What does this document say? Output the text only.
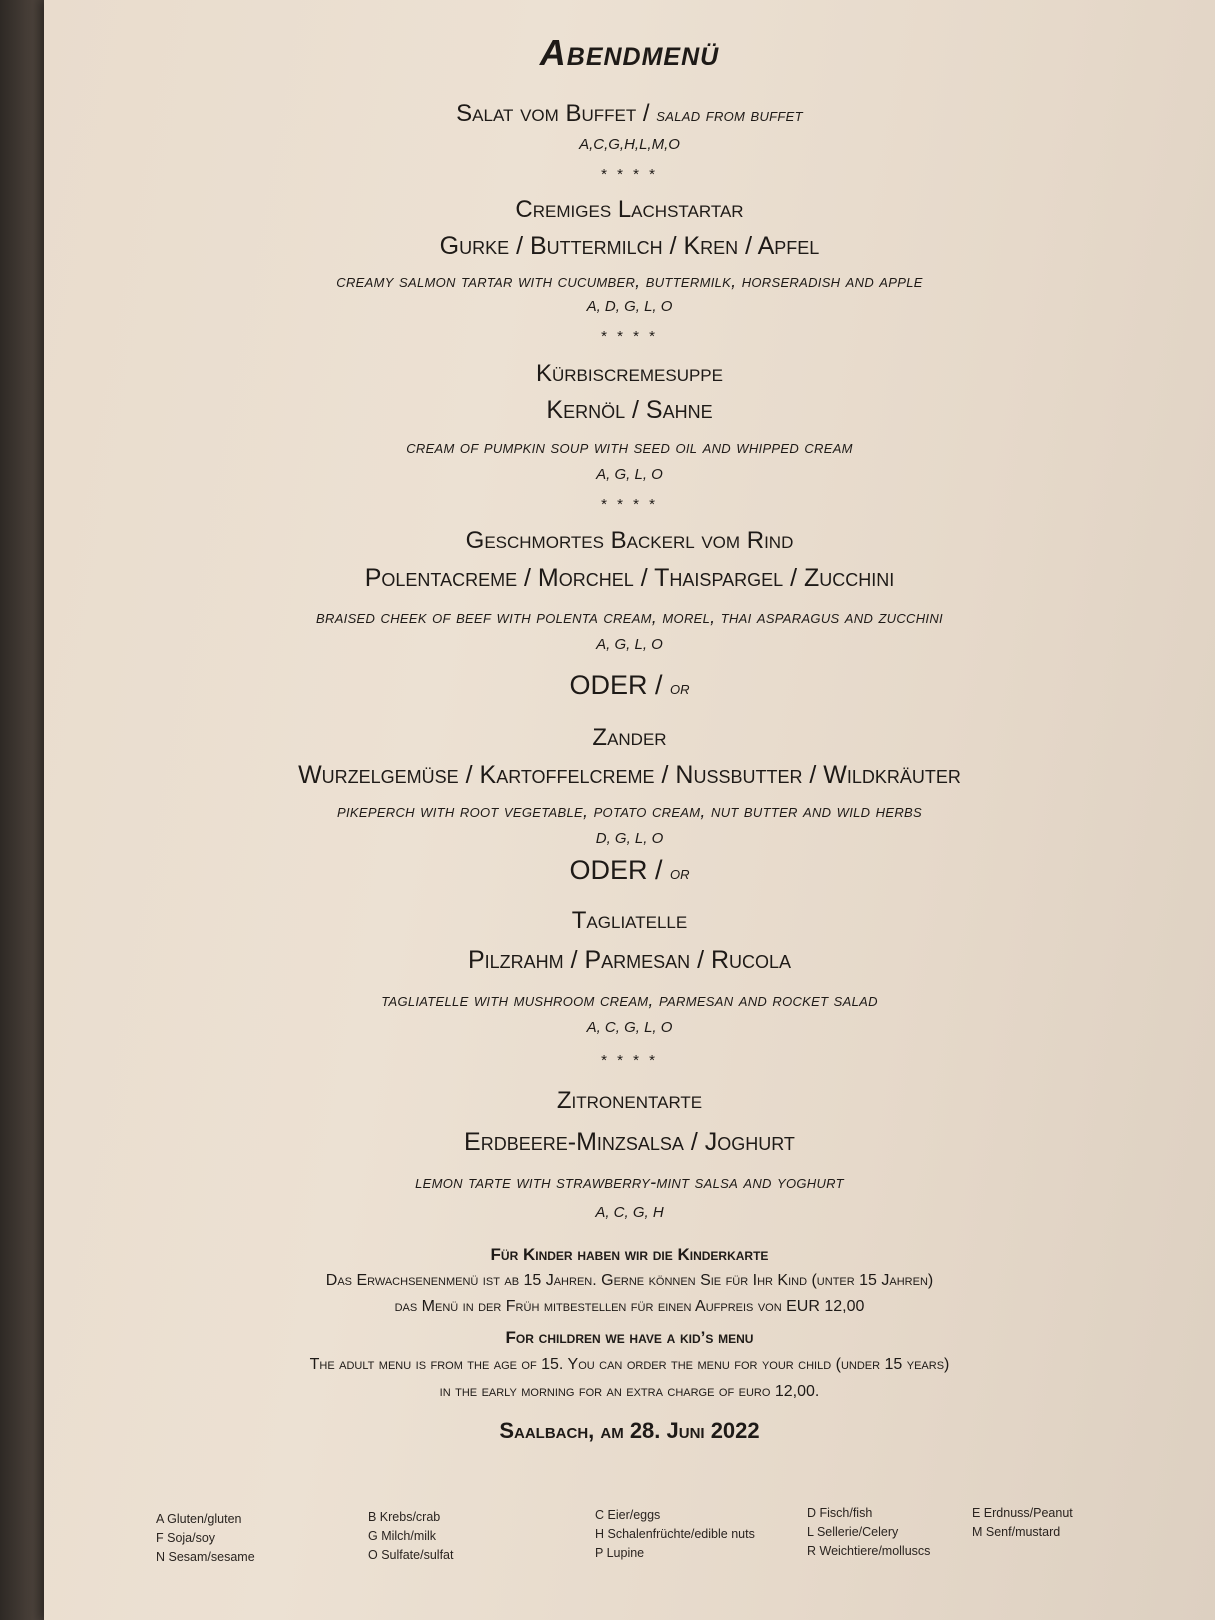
Abendmenü
Salat vom Buffet / salad from buffet
A,C,G,H,L,M,O
* * * *
Cremiges Lachstartar
Gurke / Buttermilch / Kren / Apfel
creamy salmon tartar with cucumber, buttermilk, horseradish and apple
A, D, G, L, O
* * * *
Kürbiscremesuppe
Kernöl / Sahne
cream of pumpkin soup with seed oil and whipped cream
A, G, L, O
* * * *
Geschmortes Backerl vom Rind
Polentacreme / Morchel / Thaispargel / Zucchini
braised cheek of beef with polenta cream, morel, thai asparagus and zucchini
A, G, L, O
ODER / or
Zander
Wurzelgemüse / Kartoffelcreme / Nussbutter / Wildkräuter
pikeperch with root vegetable, potato cream, nut butter and wild herbs
D, G, L, O
ODER / or
Tagliatelle
Pilzrahm / Parmesan / Rucola
tagliatelle with mushroom cream, parmesan and rocket salad
A, C, G, L, O
* * * *
Zitronentarte
Erdbeere-Minzsalsa / Joghurt
lemon tarte with strawberry-mint salsa and yoghurt
A, C, G, H
Für Kinder haben wir die Kinderkarte
Das Erwachsenenmenü ist ab 15 Jahren. Gerne können Sie für Ihr Kind (unter 15 Jahren)
das Menü in der Früh mitbestellen für einen Aufpreis von EUR 12,00
For children we have a kid’s menu
The adult menu is from the age of 15. You can order the menu for your child (under 15 years)
in the early morning for an extra charge of euro 12,00.
Saalbach, am 28. Juni 2022
A Gluten/gluten
F Soja/soy
N Sesam/sesame
B Krebs/crab
G Milch/milk
O Sulfate/sulfat
C Eier/eggs
H Schalenfrüchte/edible nuts
P Lupine
D Fisch/fish
L Sellerie/Celery
R Weichtiere/molluscs
E Erdnuss/Peanut
M Senf/mustard
